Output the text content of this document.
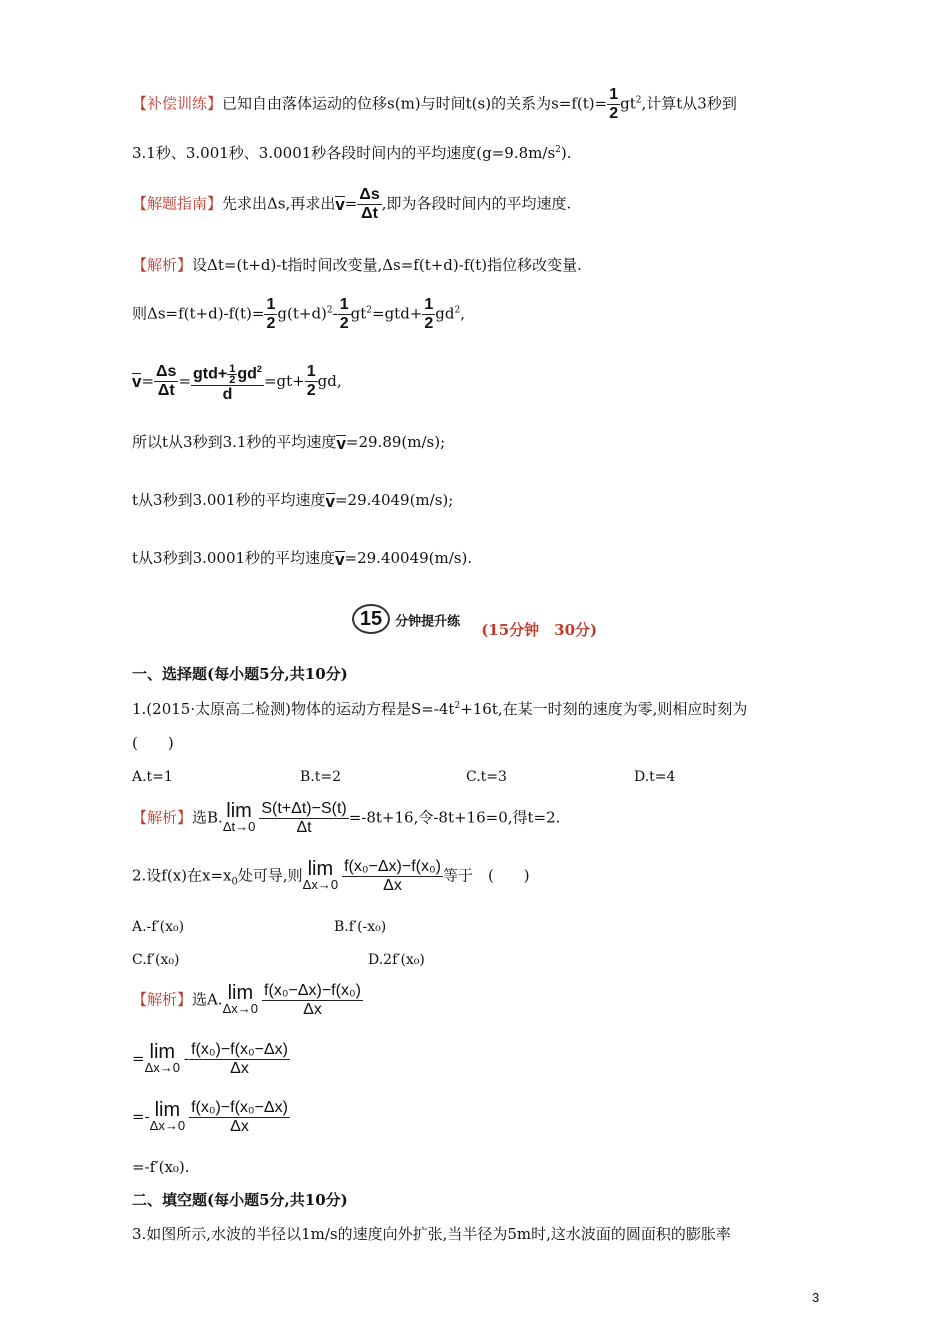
【补偿训练】已知自由落体运动的位移s(m)与时间t(s)的关系为$s=f(t)= \frac{1}{2} gt^2$,计算t从3秒到
3.1秒、3.001秒、3.0001秒各段时间内的平均速度$(g=9.8m/s^2)$.
【解题指南】先求出Δs,再求出$v= \frac{\Delta s}{\Delta t}$ ,即为各段时间内的平均速度.
【解析】设Δt=(t+d)-t指时间改变量,Δs=f(t+d)-f(t)指位移改变量.
则$\Delta s=f(t+d)-f(t)= \frac{1}{2} g(t+d)^2- \frac{1}{2} gt^2=gtd+ \frac{1}{2} gd^2$,
$v= \frac{\Delta s}{\Delta t} = \frac{gtd+ \frac{1}{2} gd^2}{d} =gt+ \frac{1}{2}$ gd,
所以t从3秒到3.1秒的平均速度v=29.89(m/s);
t从3秒到3.001秒的平均速度v=29.4049(m/s);
t从3秒到3.0001秒的平均速度v=29.40049(m/s).
15 分钟提升练 (15分钟　30分)
一、选择题(每小题5分,共10分)
1.(2015·太原高二检测)物体的运动方程是$S=-4t^2+16t$,在某一时刻的速度为零,则相应时刻为
(　　)
A.t=1	B.t=2	C.t=3	D.t=4
【解析】选B. lim
$\Delta t\to 0 \frac{S(t+\Delta t)-S(t)}{\Delta t} =-8t+16$,令-8t+16=0,得t=2.
2.设f(x)在$x=x_0$处可导,则 lim
$\Delta x\to 0 \frac{\text{f(x₀−Δx)−f(x₀)}}{\Delta x}$ 等于　(　　)
A.-f′(x₀)	B.f′(-x₀)
C.f′(x₀)	D.2f′(x₀)
【解析】选A. lim
$\Delta x\to 0 \frac{\text{f(x₀−Δx)−f(x₀)}}{\Delta x}$
= lim
$\Delta x\to 0 - \frac{\text{f(x₀)−f(x₀−Δx)}}{\Delta x}$
=- lim
$\Delta x\to 0 \frac{\text{f(x₀)−f(x₀−Δx)}}{\Delta x}$
=-f′(x₀).
二、填空题(每小题5分,共10分)
3.如图所示,水波的半径以1m/s的速度向外扩张,当半径为5m时,这水波面的圆面积的膨胀率
3
